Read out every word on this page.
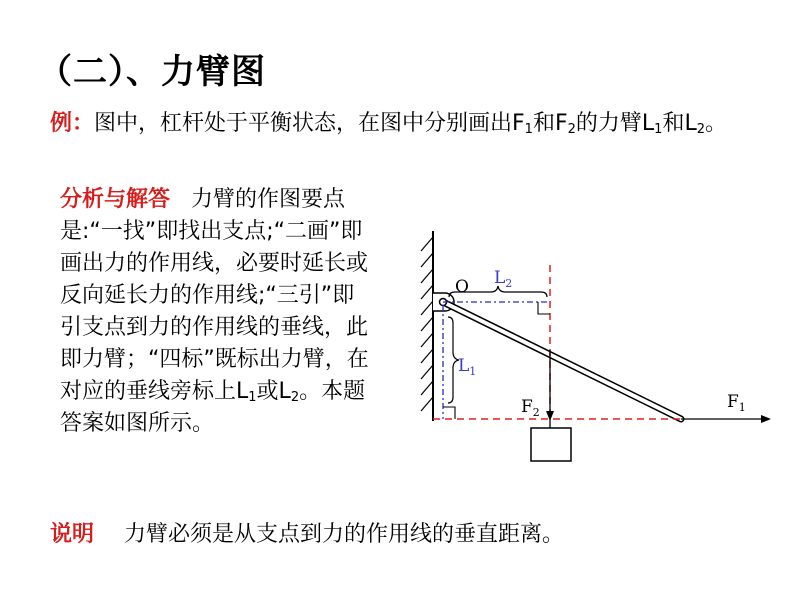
（二）、力臂图
例：图中，杠杆处于平衡状态，在图中分别画出$F_1$和$F_2$的力臂$L_1$和$L_2$。
分析与解答 力臂的作图要点是:“一找”即找出支点;“二画”即画出力的作用线，必要时延长或反向延长力的作用线;“三引”即引支点到力的作用线的垂线，此即力臂；“四标”既标出力臂，在对应的垂线旁标上$L_1$或$L_2$。本题答案如图所示。
说明 力臂必须是从支点到力的作用线的垂直距离。
O $L_2$
$L_1$
$F_2$
$F_1$
